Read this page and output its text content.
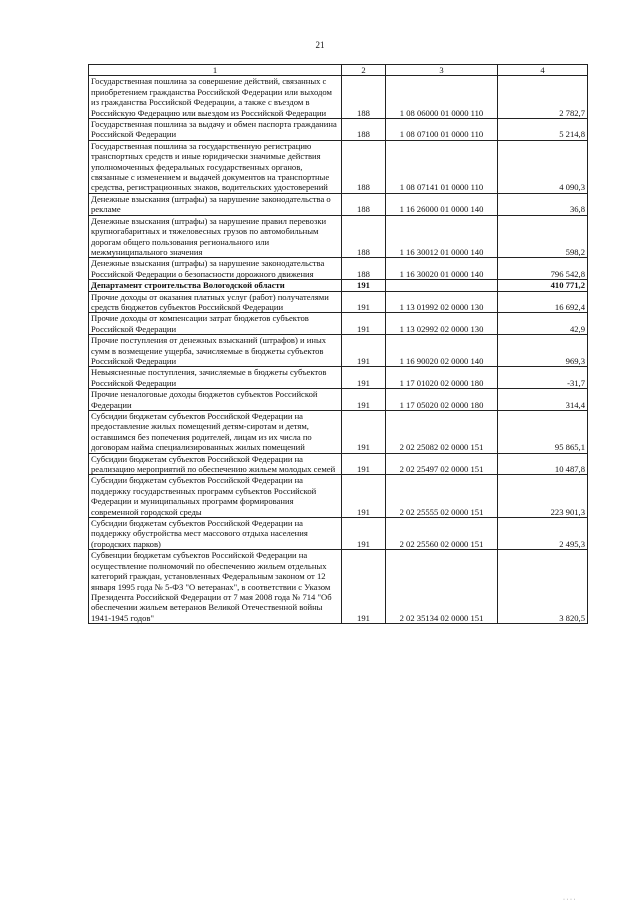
21
1	2	3	4
Государственная пошлина за совершение действий, связанных с приобретением гражданства Российской Федерации или выходом из гражданства Российской Федерации, а также с въездом в Российскую Федерацию или выездом из Российской Федерации	188	1 08 06000 01 0000 110	2 782,7
Государственная пошлина за выдачу и обмен паспорта гражданина Российской Федерации	188	1 08 07100 01 0000 110	5 214,8
Государственная пошлина за государственную регистрацию транспортных средств и иные юридически значимые действия уполномоченных федеральных государственных органов, связанные с изменением и выдачей документов на транспортные средства, регистрационных знаков, водительских удостоверений	188	1 08 07141 01 0000 110	4 090,3
Денежные взыскания (штрафы) за нарушение законодательства о рекламе	188	1 16 26000 01 0000 140	36,8
Денежные взыскания (штрафы) за нарушение правил перевозки крупногабаритных и тяжеловесных грузов по автомобильным дорогам общего пользования регионального или межмуниципального значения	188	1 16 30012 01 0000 140	598,2
Денежные взыскания (штрафы) за нарушение законодательства Российской Федерации о безопасности дорожного движения	188	1 16 30020 01 0000 140	796 542,8
Департамент строительства Вологодской области	191		410 771,2
Прочие доходы от оказания платных услуг (работ) получателями средств бюджетов субъектов Российской Федерации	191	1 13 01992 02 0000 130	16 692,4
Прочие доходы от компенсации затрат бюджетов субъектов Российской Федерации	191	1 13 02992 02 0000 130	42,9
Прочие поступления от денежных взысканий (штрафов) и иных сумм в возмещение ущерба, зачисляемые в бюджеты субъектов Российской Федерации	191	1 16 90020 02 0000 140	969,3
Невыясненные поступления, зачисляемые в бюджеты субъектов Российской Федерации	191	1 17 01020 02 0000 180	-31,7
Прочие неналоговые доходы бюджетов субъектов Российской Федерации	191	1 17 05020 02 0000 180	314,4
Субсидии бюджетам субъектов Российской Федерации на предоставление жилых помещений детям-сиротам и детям, оставшимся без попечения родителей, лицам из их числа по договорам найма специализированных жилых помещений	191	2 02 25082 02 0000 151	95 865,1
Субсидии бюджетам субъектов Российской Федерации на реализацию мероприятий по обеспечению жильем молодых семей	191	2 02 25497 02 0000 151	10 487,8
Субсидии бюджетам субъектов Российской Федерации на поддержку государственных программ субъектов Российской Федерации и муниципальных программ формирования современной городской среды	191	2 02 25555 02 0000 151	223 901,3
Субсидии бюджетам субъектов Российской Федерации на поддержку обустройства мест массового отдыха населения (городских парков)	191	2 02 25560 02 0000 151	2 495,3
Субвенции бюджетам субъектов Российской Федерации на осуществление полномочий по обеспечению жильем отдельных категорий граждан, установленных Федеральным законом от 12 января 1995 года № 5-ФЗ "О ветеранах", в соответствии с Указом Президента Российской Федерации от 7 мая 2008 года № 714 "Об обеспечении жильем ветеранов Великой Отечественной войны 1941-1945 годов"	191	2 02 35134 02 0000 151	3 820,5
· · · ·
